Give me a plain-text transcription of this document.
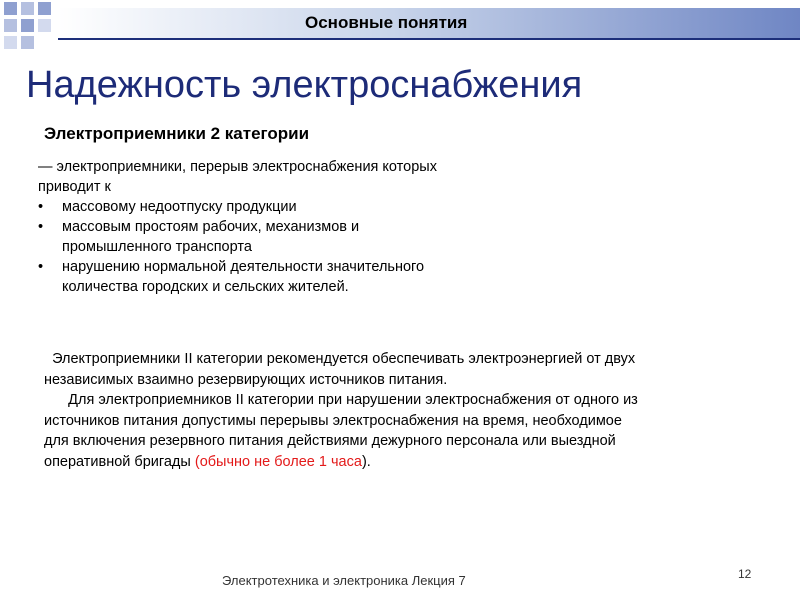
Основные понятия
Надежность электроснабжения
Электроприемники 2 категории

— электроприемники, перерыв электроснабжения которых

приводит к

• массовому недоотпуску продукции
• массовым простоям рабочих, механизмов и
промышленного транспорта
• нарушению нормальной деятельности значительного
количества городских и сельских жителей.

Электроприемники II категории рекомендуется обеспечивать электроэнергией от двух

независимых взаимно резервирующих источников питания.

Для электроприемников II категории при нарушении электроснабжения от одного из

источников питания допустимы перерывы электроснабжения на время, необходимое

для включения резервного питания действиями дежурного персонала или выездной

оперативной бригады (обычно не более 1 часа).

Электротехника и электроника Лекция 7	12
